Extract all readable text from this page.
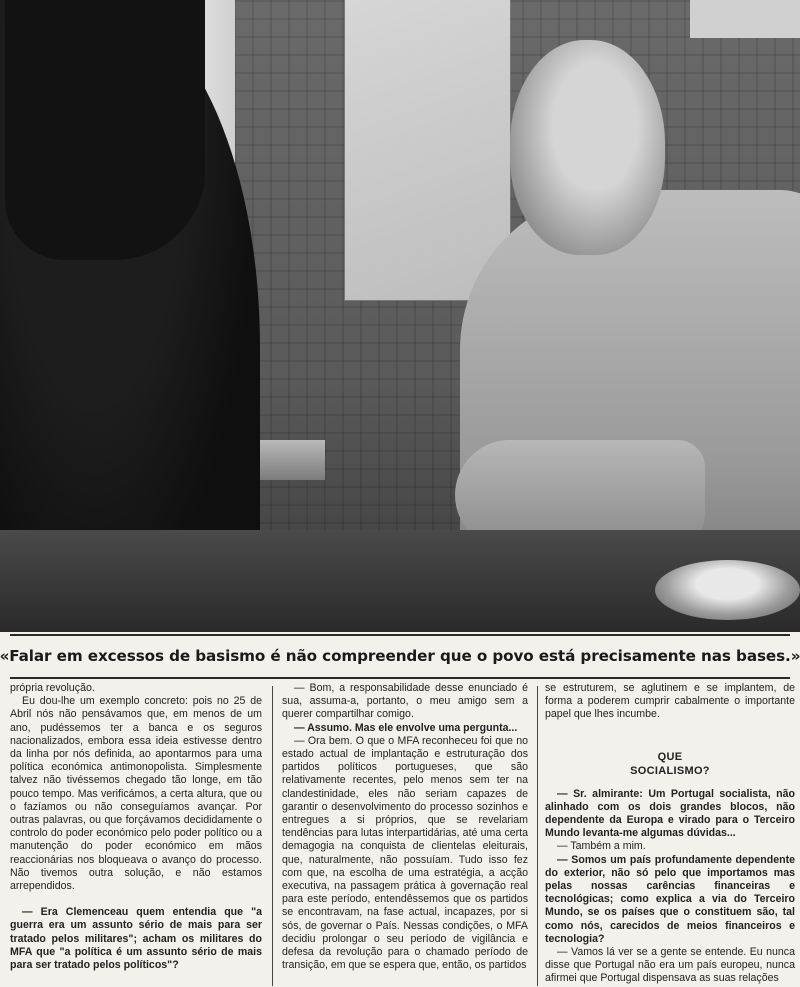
«Falar em excessos de basismo é não compreender que o povo está precisamente nas bases.»

própria revolução.

Eu dou-lhe um exemplo concreto: pois no 25 de Abril nós não pensávamos que, em menos de um ano, pudéssemos ter a banca e os seguros nacionalizados, embora essa ideia estivesse dentro da linha por nós definida, ao apontarmos para uma política económica antimonopolista. Simplesmente talvez não tivéssemos chegado tão longe, em tão pouco tempo. Mas verificámos, a certa altura, que ou o fazíamos ou não conseguíamos avançar. Por outras palavras, ou que forçávamos decididamente o controlo do poder económico pelo poder político ou a manutenção do poder económico em mãos reaccionárias nos bloqueava o avanço do processo. Não tivemos outra solução, e não estamos arrependidos.

— Era Clemenceau quem entendia que "a guerra era um assunto sério de mais para ser tratado pelos militares"; acham os militares do MFA que "a política é um assunto sério de mais para ser tratado pelos políticos"?

— Bom, a responsabilidade desse enunciado é sua, assuma-a, portanto, o meu amigo sem a querer compartilhar comigo.

— Assumo. Mas ele envolve uma pergunta...

— Ora bem. O que o MFA reconheceu foi que no estado actual de implantação e estruturação dos partidos políticos portugueses, que são relativamente recentes, pelo menos sem ter na clandestinidade, eles não seriam capazes de garantir o desenvolvimento do processo sozinhos e entregues a si próprios, que se revelariam tendências para lutas interpartidárias, até uma certa demagogia na conquista de clientelas eleiturais, que, naturalmente, não possuíam. Tudo isso fez com que, na escolha de uma estratégia, a acção executiva, na passagem prática à governação real para este período, entendêssemos que os partidos se encontravam, na fase actual, incapazes, por si sós, de governar o País. Nessas condições, o MFA decidiu prolongar o seu período de vigilância e defesa da revolução para o chamado período de transição, em que se espera que, então, os partidos

se estruturem, se aglutinem e se implantem, de forma a poderem cumprir cabalmente o importante papel que lhes incumbe.

QUE
SOCIALISMO?

— Sr. almirante: Um Portugal socialista, não alinhado com os dois grandes blocos, não dependente da Europa e virado para o Terceiro Mundo levanta-me algumas dúvidas...

— Também a mim.

— Somos um país profundamente dependente do exterior, não só pelo que importamos mas pelas nossas carências financeiras e tecnológicas; como explica a via do Terceiro Mundo, se os países que o constituem são, tal como nós, carecidos de meios financeiros e tecnologia?

— Vamos lá ver se a gente se entende. Eu nunca disse que Portugal não era um país europeu, nunca afirmei que Portugal dispensava as suas relações
